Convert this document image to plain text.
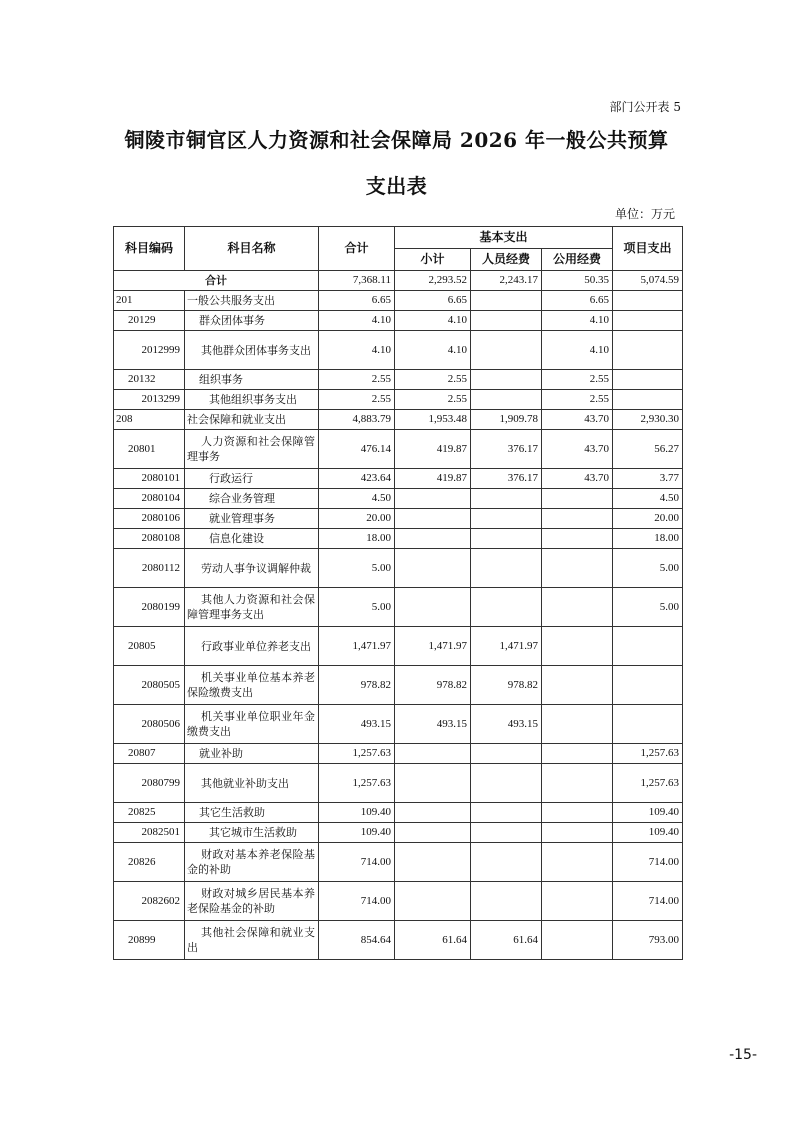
部门公开表 5
铜陵市铜官区人力资源和社会保障局 2026 年一般公共预算
支出表
单位：万元
科目编码	科目名称	合计	基本支出			项目支出
			小计	人员经费	公用经费	
合计		7,368.11	2,293.52	2,243.17	50.35	5,074.59
201	一般公共服务支出	6.65	6.65		6.65	
20129	群众团体事务	4.10	4.10		4.10	
2012999	其他群众团体事务支出	4.10	4.10		4.10	
20132	组织事务	2.55	2.55		2.55	
2013299	其他组织事务支出	2.55	2.55		2.55	
208	社会保障和就业支出	4,883.79	1,953.48	1,909.78	43.70	2,930.30
20801	人力资源和社会保障管理事务	476.14	419.87	376.17	43.70	56.27
2080101	行政运行	423.64	419.87	376.17	43.70	3.77
2080104	综合业务管理	4.50				4.50
2080106	就业管理事务	20.00				20.00
2080108	信息化建设	18.00				18.00
2080112	劳动人事争议调解仲裁	5.00				5.00
2080199	其他人力资源和社会保障管理事务支出	5.00				5.00
20805	行政事业单位养老支出	1,471.97	1,471.97	1,471.97		
2080505	机关事业单位基本养老保险缴费支出	978.82	978.82	978.82		
2080506	机关事业单位职业年金缴费支出	493.15	493.15	493.15		
20807	就业补助	1,257.63				1,257.63
2080799	其他就业补助支出	1,257.63				1,257.63
20825	其它生活救助	109.40				109.40
2082501	其它城市生活救助	109.40				109.40
20826	财政对基本养老保险基金的补助	714.00				714.00
2082602	财政对城乡居民基本养老保险基金的补助	714.00				714.00
20899	其他社会保障和就业支出	854.64	61.64	61.64		793.00
-15-
